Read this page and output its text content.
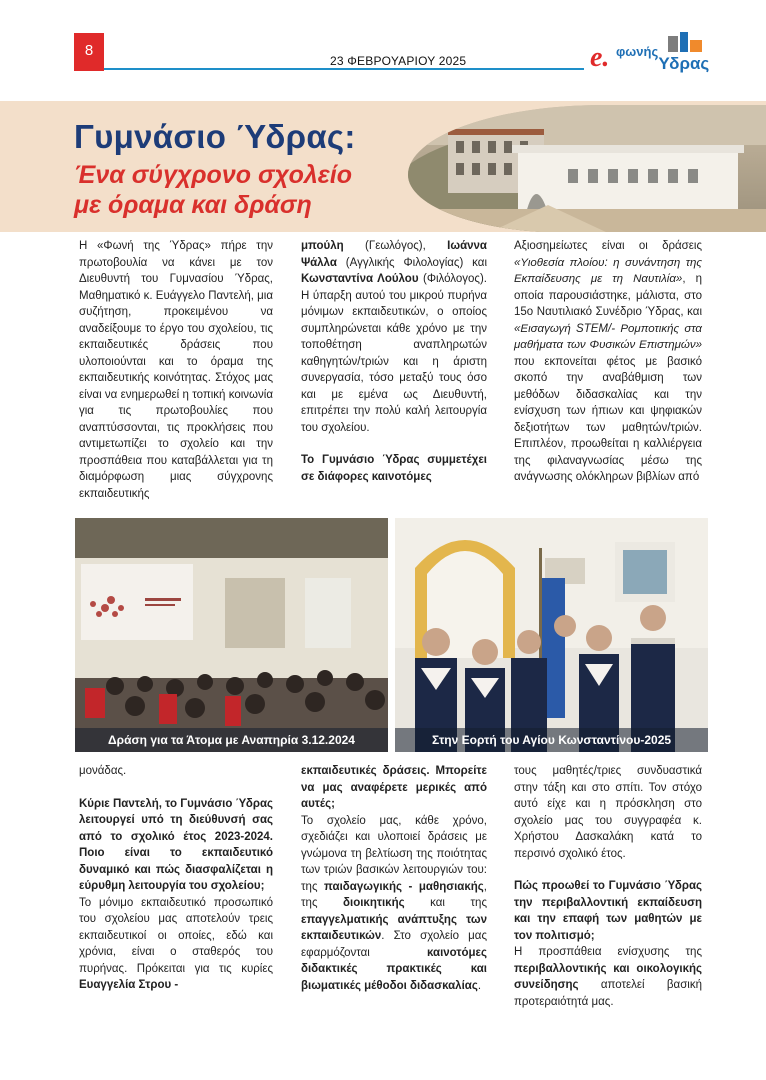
8
23 ΦΕΒΡΟΥΑΡΙΟΥ 2025	e. φωνής
Ύδρας
Γυμνάσιο Ύδρας:
Ένα σύγχρονο σχολείο
με όραμα και δράση

Η «Φωνή της Ύδρας» πήρε την πρωτοβουλία να κάνει με τον Διευθυντή του Γυμνασίου Ύδρας, Μαθηματικό κ. Ευάγγελο Παντελή, μια συζήτηση, προκειμένου να αναδείξουμε το έργο του σχολείου, τις εκπαιδευτικές δράσεις που υλοποιούνται και το όραμα της εκπαιδευτικής κοινότητας. Στόχος μας είναι να ενημερωθεί η τοπική κοινωνία για τις πρωτοβουλίες που αναπτύσσονται, τις προκλήσεις που αντιμετωπίζει το σχολείο και την προσπάθεια που καταβάλλεται για τη διαμόρφωση μιας σύγχρονης εκπαιδευτικής

μπούλη (Γεωλόγος), Ιωάννα Ψάλλα (Αγγλικής Φιλολογίας) και Κωνσταντίνα Λούλου (Φιλόλογος). Η ύπαρξη αυτού του μικρού πυρήνα μόνιμων εκπαιδευτικών, ο οποίος συμπληρώνεται κάθε χρόνο με την τοποθέτηση αναπληρωτών καθηγητών/τριών και η άριστη συνεργασία, τόσο μεταξύ τους όσο και με εμένα ως Διευθυντή, επιτρέπει την πολύ καλή λειτουργία του σχολείου.

Το Γυμνάσιο Ύδρας συμμετέχει σε διάφορες καινοτόμες

Αξιοσημείωτες είναι οι δράσεις «Υιοθεσία πλοίου: η συνάντηση της Εκπαίδευσης με τη Ναυτιλία», η οποία παρουσιάστηκε, μάλιστα, στο 15ο Ναυτιλιακό Συνέδριο Ύδρας, και «Εισαγωγή STEM/- Ρομποτικής στα μαθήματα των Φυσικών Επιστημών» που εκπονείται φέτος με βασικό σκοπό την αναβάθμιση των μεθόδων διδασκαλίας και την ενίσχυση των ήπιων και ψηφιακών δεξιοτήτων των μαθητών/τριών. Επιπλέον, προωθείται η καλλιέργεια της φιλαναγνωσίας μέσω της ανάγνωσης ολόκληρων βιβλίων από

Δράση για τα Άτομα με Αναπηρία 3.12.2024	Στην Εορτή του Αγίου Κωνσταντίνου-2025

μονάδας.

Κύριε Παντελή, το Γυμνάσιο Ύδρας λειτουργεί υπό τη διεύθυνσή σας από το σχολικό έτος 2023-2024. Ποιο είναι το εκπαιδευτικό δυναμικό και πώς διασφαλίζεται η εύρυθμη λειτουργία του σχολείου;

Το μόνιμο εκπαιδευτικό προσωπικό του σχολείου μας αποτελούν τρεις εκπαιδευτικοί οι οποίες, εδώ και χρόνια, είναι ο σταθερός του πυρήνας. Πρόκειται για τις κυρίες Ευαγγελία Στρου -

εκπαιδευτικές δράσεις. Μπορείτε να μας αναφέρετε μερικές από αυτές;

Το σχολείο μας, κάθε χρόνο, σχεδιάζει και υλοποιεί δράσεις με γνώμονα τη βελτίωση της ποιότητας των τριών βασικών λειτουργιών του: της παιδαγωγικής - μαθησιακής, της διοικητικής και της επαγγελματικής ανάπτυξης των εκπαιδευτικών. Στο σχολείο μας εφαρμόζονται καινοτόμες διδακτικές πρακτικές και βιωματικές μέθοδοι διδασκαλίας.

τους μαθητές/τριες συνδυαστικά στην τάξη και στο σπίτι. Τον στόχο αυτό είχε και η πρόσκληση στο σχολείο μας του συγγραφέα κ. Χρήστου Δασκαλάκη κατά το περσινό σχολικό έτος.

Πώς προωθεί το Γυμνάσιο Ύδρας την περιβαλλοντική εκπαίδευση και την επαφή των μαθητών με τον πολιτισμό;

Η προσπάθεια ενίσχυσης της περιβαλλοντικής και οικολογικής συνείδησης αποτελεί βασική προτεραιότητά μας.
